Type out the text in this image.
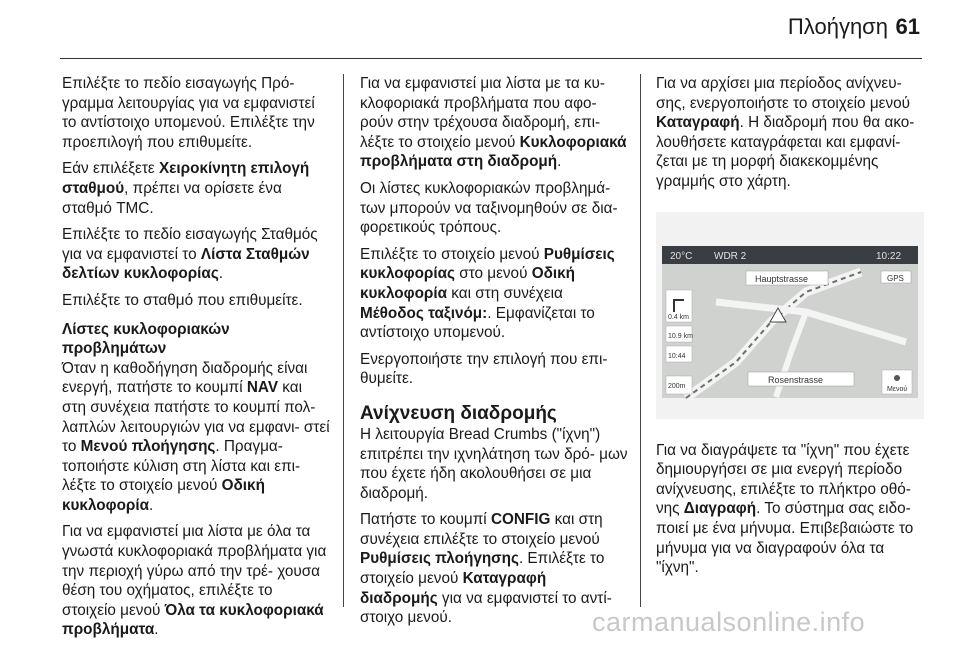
Πλοήγηση 61

Επιλέξτε το πεδίο εισαγωγής Πρό- γραμμα λειτουργίας για να εμφανιστεί το αντίστοιχο υπομενού. Επιλέξτε την προεπιλογή που επιθυμείτε.

Εάν επιλέξετε Χειροκίνητη επιλογή σταθμού, πρέπει να ορίσετε ένα σταθμό TMC.

Επιλέξτε το πεδίο εισαγωγής Σταθμός για να εμφανιστεί το Λίστα Σταθμών δελτίων κυκλοφορίας.

Επιλέξτε το σταθμό που επιθυμείτε.

Λίστες κυκλοφοριακών προβλημάτων

Όταν η καθοδήγηση διαδρομής είναι ενεργή, πατήστε το κουμπί NAV και στη συνέχεια πατήστε το κουμπί πολ- λαπλών λειτουργιών για να εμφανι- στεί το Μενού πλοήγησης. Πραγμα- τοποιήστε κύλιση στη λίστα και επι- λέξτε το στοιχείο μενού Οδική κυκλοφορία.

Για να εμφανιστεί μια λίστα με όλα τα γνωστά κυκλοφοριακά προβλήματα για την περιοχή γύρω από την τρέ- χουσα θέση του οχήματος, επιλέξτε το στοιχείο μενού Όλα τα κυκλοφοριακά προβλήματα.

Για να εμφανιστεί μια λίστα με τα κυ- κλοφοριακά προβλήματα που αφο- ρούν στην τρέχουσα διαδρομή, επι- λέξτε το στοιχείο μενού Κυκλοφοριακά προβλήματα στη διαδρομή.

Οι λίστες κυκλοφοριακών προβλημά- των μπορούν να ταξινομηθούν σε δια- φορετικούς τρόπους.

Επιλέξτε το στοιχείο μενού Ρυθμίσεις κυκλοφορίας στο μενού Οδική κυκλοφορία και στη συνέχεια Μέθοδος ταξινόμ:. Εμφανίζεται το αντίστοιχο υπομενού.

Ενεργοποιήστε την επιλογή που επι- θυμείτε.

Ανίχνευση διαδρομής

Η λειτουργία Bread Crumbs ("ίχνη") επιτρέπει την ιχνηλάτηση των δρό- μων που έχετε ήδη ακολουθήσει σε μια διαδρομή.

Πατήστε το κουμπί CONFIG και στη συνέχεια επιλέξτε το στοιχείο μενού Ρυθμίσεις πλοήγησης. Επιλέξτε το στοιχείο μενού Καταγραφή διαδρομής για να εμφανιστεί το αντί- στοιχο μενού.

Για να αρχίσει μια περίοδος ανίχνευ- σης, ενεργοποιήστε το στοιχείο μενού Καταγραφή. Η διαδρομή που θα ακο- λουθήσετε καταγράφεται και εμφανί- ζεται με τη μορφή διακεκομμένης γραμμής στο χάρτη.

20°C WDR 2	10:22
Hauptstrasse	GPS
0.4 km
10.9 km
10:44
200m
Rosenstrasse
Μενού

Για να διαγράψετε τα "ίχνη" που έχετε δημιουργήσει σε μια ενεργή περίοδο ανίχνευσης, επιλέξτε το πλήκτρο οθό- νης Διαγραφή. Το σύστημα σας ειδο- ποιεί με ένα μήνυμα. Επιβεβαιώστε το μήνυμα για να διαγραφούν όλα τα "ίχνη".

carmanualsonline.info
